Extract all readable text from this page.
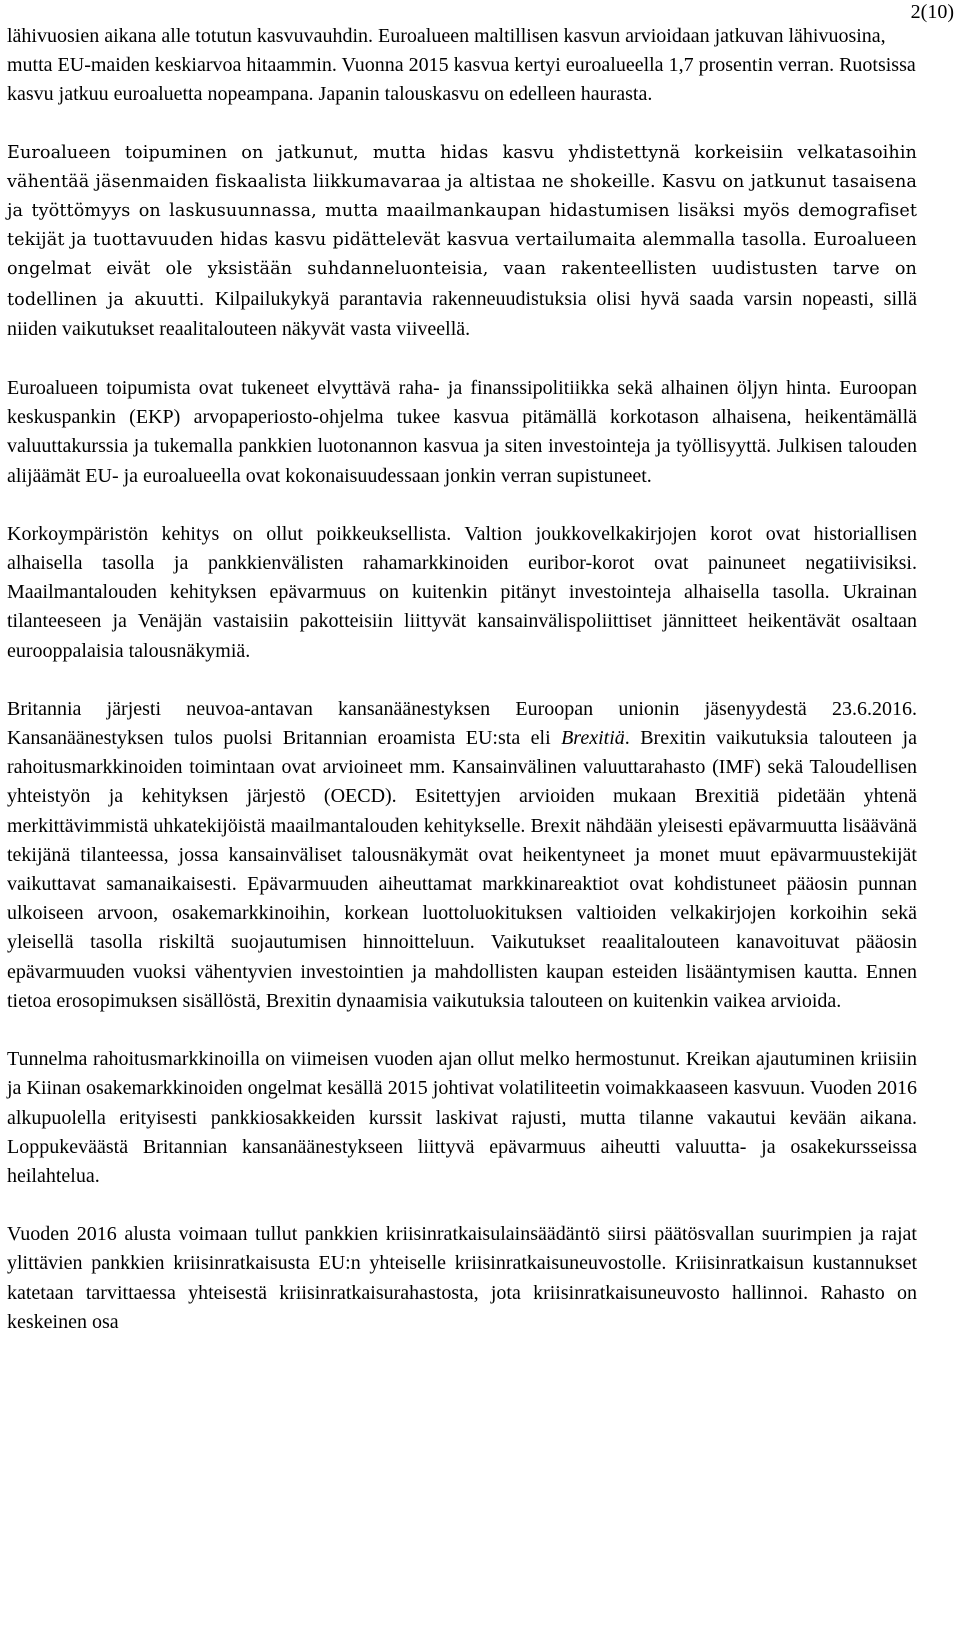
2(10)

lähivuosien aikana alle totutun kasvuvauhdin. Euroalueen maltillisen kasvun arvioidaan jatkuvan lähivuosina, mutta EU-maiden keskiarvoa hitaammin. Vuonna 2015 kasvua kertyi euroalueella 1,7 prosentin verran. Ruotsissa kasvu jatkuu euroaluetta nopeampana. Japanin talouskasvu on edelleen haurasta.

Euroalueen toipuminen on jatkunut, mutta hidas kasvu yhdistettynä korkeisiin velkatasoihin vähentää jäsenmaiden fiskaalista liikkumavaraa ja altistaa ne shokeille. Kasvu on jatkunut tasaisena ja työttömyys on laskusuunnassa, mutta maailmankaupan hidastumisen lisäksi myös demografiset tekijät ja tuottavuuden hidas kasvu pidättelevät kasvua vertailumaita alemmalla tasolla. Euroalueen ongelmat eivät ole yksistään suhdanneluonteisia, vaan rakenteellisten uudistusten tarve on todellinen ja akuutti. Kilpailukykyä parantavia rakenneuudistuksia olisi hyvä saada varsin nopeasti, sillä niiden vaikutukset reaalitalouteen näkyvät vasta viiveellä.

Euroalueen toipumista ovat tukeneet elvyttävä raha- ja finanssipolitiikka sekä alhainen öljyn hinta. Euroopan keskuspankin (EKP) arvopaperiosto-ohjelma tukee kasvua pitämällä korkotason alhaisena, heikentämällä valuuttakurssia ja tukemalla pankkien luotonannon kasvua ja siten investointeja ja työllisyyttä. Julkisen talouden alijäämät EU- ja euroalueella ovat kokonaisuudessaan jonkin verran supistuneet.

Korkoympäristön kehitys on ollut poikkeuksellista. Valtion joukkovelkakirjojen korot ovat historiallisen alhaisella tasolla ja pankkienvälisten rahamarkkinoiden euribor-korot ovat painuneet negatiivisiksi. Maailmantalouden kehityksen epävarmuus on kuitenkin pitänyt investointeja alhaisella tasolla. Ukrainan tilanteeseen ja Venäjän vastaisiin pakotteisiin liittyvät kansainvälispoliittiset jännitteet heikentävät osaltaan eurooppalaisia talousnäkymiä.

Britannia järjesti neuvoa-antavan kansanäänestyksen Euroopan unionin jäsenyydestä 23.6.2016. Kansanäänestyksen tulos puolsi Britannian eroamista EU:sta eli Brexitiä. Brexitin vaikutuksia talouteen ja rahoitusmarkkinoiden toimintaan ovat arvioineet mm. Kansainvälinen valuuttarahasto (IMF) sekä Taloudellisen yhteistyön ja kehityksen järjestö (OECD). Esitettyjen arvioiden mukaan Brexitiä pidetään yhtenä merkittävimmistä uhkatekijöistä maailmantalouden kehitykselle. Brexit nähdään yleisesti epävarmuutta lisäävänä tekijänä tilanteessa, jossa kansainväliset talousnäkymät ovat heikentyneet ja monet muut epävarmuustekijät vaikuttavat samanaikaisesti. Epävarmuuden aiheuttamat markkinareaktiot ovat kohdistuneet pääosin punnan ulkoiseen arvoon, osakemarkkinoihin, korkean luottoluokituksen valtioiden velkakirjojen korkoihin sekä yleisellä tasolla riskiltä suojautumisen hinnoitteluun. Vaikutukset reaalitalouteen kanavoituvat pääosin epävarmuuden vuoksi vähentyvien investointien ja mahdollisten kaupan esteiden lisääntymisen kautta. Ennen tietoa erosopimuksen sisällöstä, Brexitin dynaamisia vaikutuksia talouteen on kuitenkin vaikea arvioida.

Tunnelma rahoitusmarkkinoilla on viimeisen vuoden ajan ollut melko hermostunut. Kreikan ajautuminen kriisiin ja Kiinan osakemarkkinoiden ongelmat kesällä 2015 johtivat volatiliteetin voimakkaaseen kasvuun. Vuoden 2016 alkupuolella erityisesti pankkiosakkeiden kurssit laskivat rajusti, mutta tilanne vakautui kevään aikana. Loppukeväästä Britannian kansanäänestykseen liittyvä epävarmuus aiheutti valuutta- ja osakekursseissa heilahtelua.

Vuoden 2016 alusta voimaan tullut pankkien kriisinratkaisulainsäädäntö siirsi päätösvallan suurimpien ja rajat ylittävien pankkien kriisinratkaisusta EU:n yhteiselle kriisinratkaisuneuvostolle. Kriisinratkaisun kustannukset katetaan tarvittaessa yhteisestä kriisinratkaisurahastosta, jota kriisinratkaisuneuvosto hallinnoi. Rahasto on keskeinen osa
